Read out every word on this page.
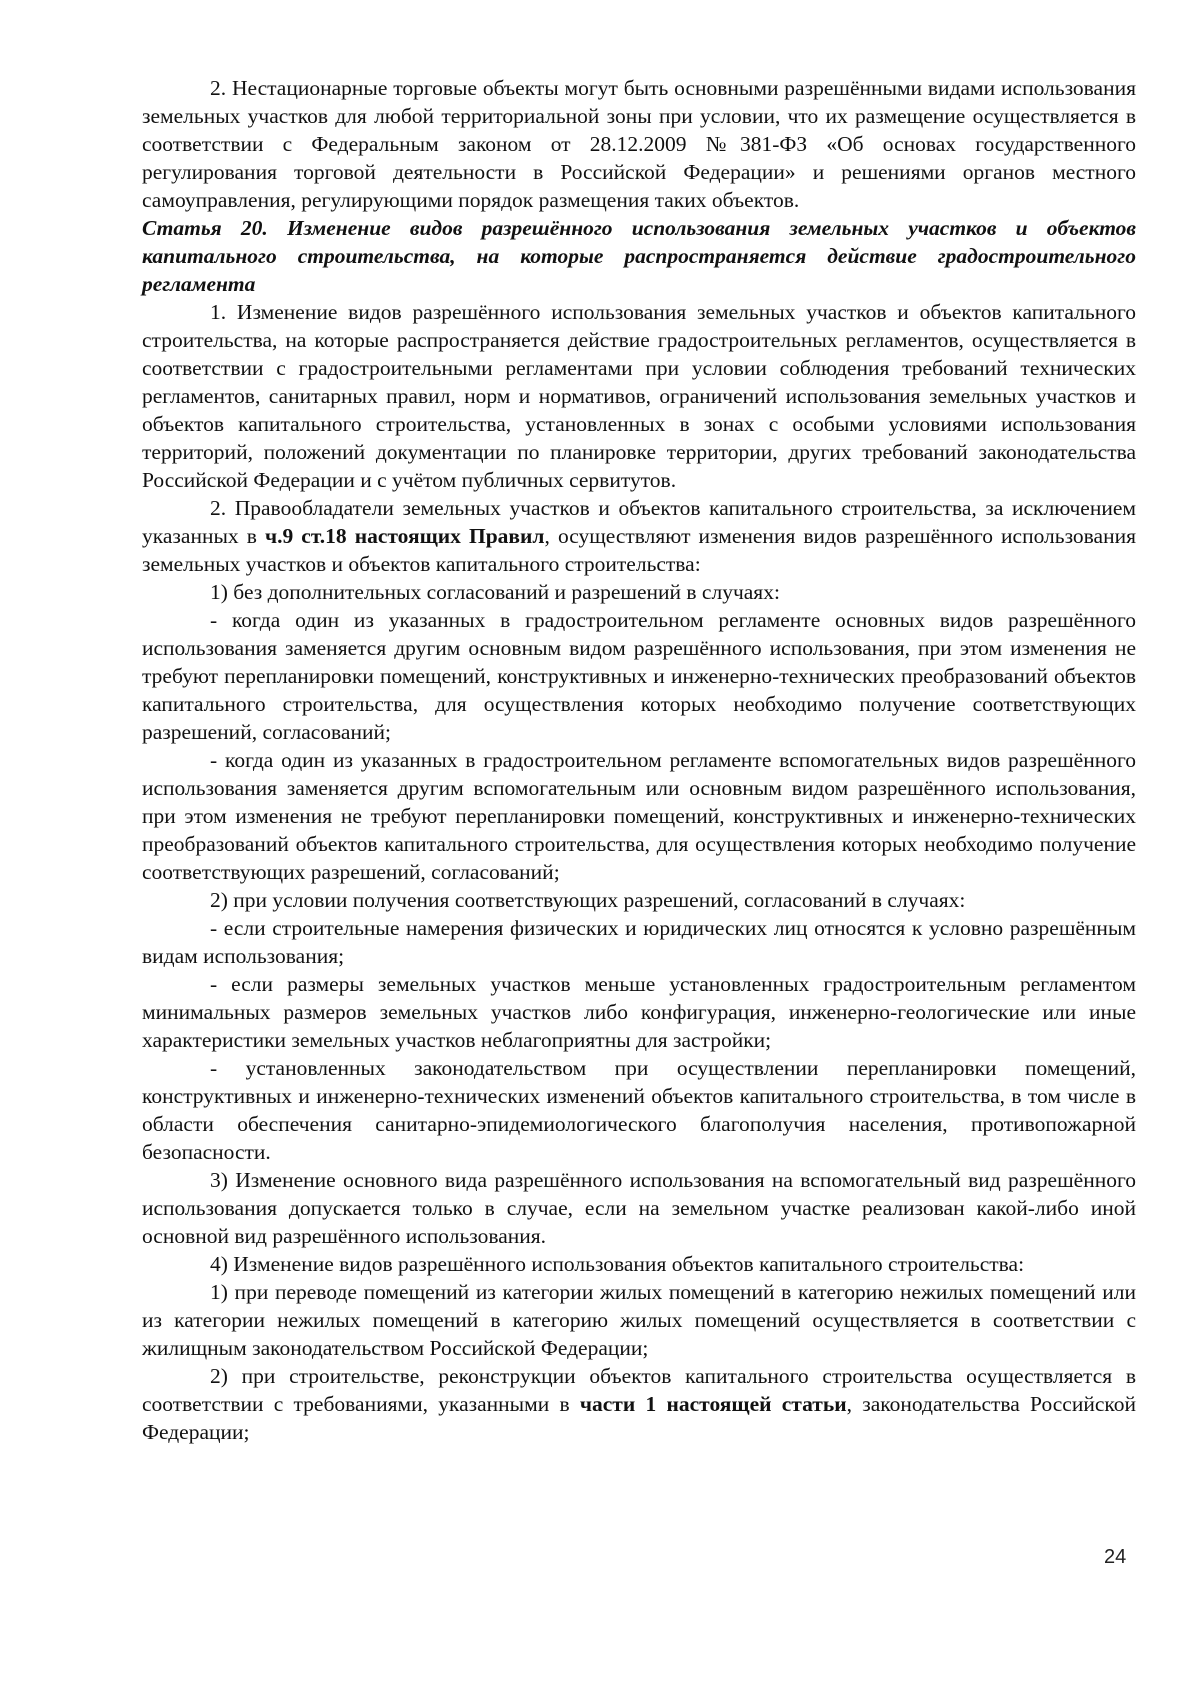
2. Нестационарные торговые объекты могут быть основными разрешёнными видами использования земельных участков для любой территориальной зоны при условии, что их размещение осуществляется в соответствии с Федеральным законом от 28.12.2009 №381-ФЗ «Об основах государственного регулирования торговой деятельности в Российской Федерации» и решениями органов местного самоуправления, регулирующими порядок размещения таких объектов.

Статья 20. Изменение видов разрешённого использования земельных участков и объектов капитального строительства, на которые распространяется действие градостроительного регламента

1. Изменение видов разрешённого использования земельных участков и объектов капитального строительства, на которые распространяется действие градостроительных регламентов, осуществляется в соответствии с градостроительными регламентами при условии соблюдения требований технических регламентов, санитарных правил, норм и нормативов, ограничений использования земельных участков и объектов капитального строительства, установленных в зонах с особыми условиями использования территорий, положений документации по планировке территории, других требований законодательства Российской Федерации и с учётом публичных сервитутов.

2. Правообладатели земельных участков и объектов капитального строительства, за исключением указанных в ч.9 ст.18 настоящих Правил, осуществляют изменения видов разрешённого использования земельных участков и объектов капитального строительства:

1) без дополнительных согласований и разрешений в случаях:

- когда один из указанных в градостроительном регламенте основных видов разрешённого использования заменяется другим основным видом разрешённого использования, при этом изменения не требуют перепланировки помещений, конструктивных и инженерно-технических преобразований объектов капитального строительства, для осуществления которых необходимо получение соответствующих разрешений, согласований;

- когда один из указанных в градостроительном регламенте вспомогательных видов разрешённого использования заменяется другим вспомогательным или основным видом разрешённого использования, при этом изменения не требуют перепланировки помещений, конструктивных и инженерно-технических преобразований объектов капитального строительства, для осуществления которых необходимо получение соответствующих разрешений, согласований;

2) при условии получения соответствующих разрешений, согласований в случаях:

- если строительные намерения физических и юридических лиц относятся к условно разрешённым видам использования;

- если размеры земельных участков меньше установленных градостроительным регламентом минимальных размеров земельных участков либо конфигурация, инженерно-геологические или иные характеристики земельных участков неблагоприятны для застройки;

- установленных законодательством при осуществлении перепланировки помещений, конструктивных и инженерно-технических изменений объектов капитального строительства, в том числе в области обеспечения санитарно-эпидемиологического благополучия населения, противопожарной безопасности.

3) Изменение основного вида разрешённого использования на вспомогательный вид разрешённого использования допускается только в случае, если на земельном участке реализован какой-либо иной основной вид разрешённого использования.

4) Изменение видов разрешённого использования объектов капитального строительства:

1) при переводе помещений из категории жилых помещений в категорию нежилых помещений или из категории нежилых помещений в категорию жилых помещений осуществляется в соответствии с жилищным законодательством Российской Федерации;

2) при строительстве, реконструкции объектов капитального строительства осуществляется в соответствии с требованиями, указанными в части 1 настоящей статьи, законодательства Российской Федерации;

24
